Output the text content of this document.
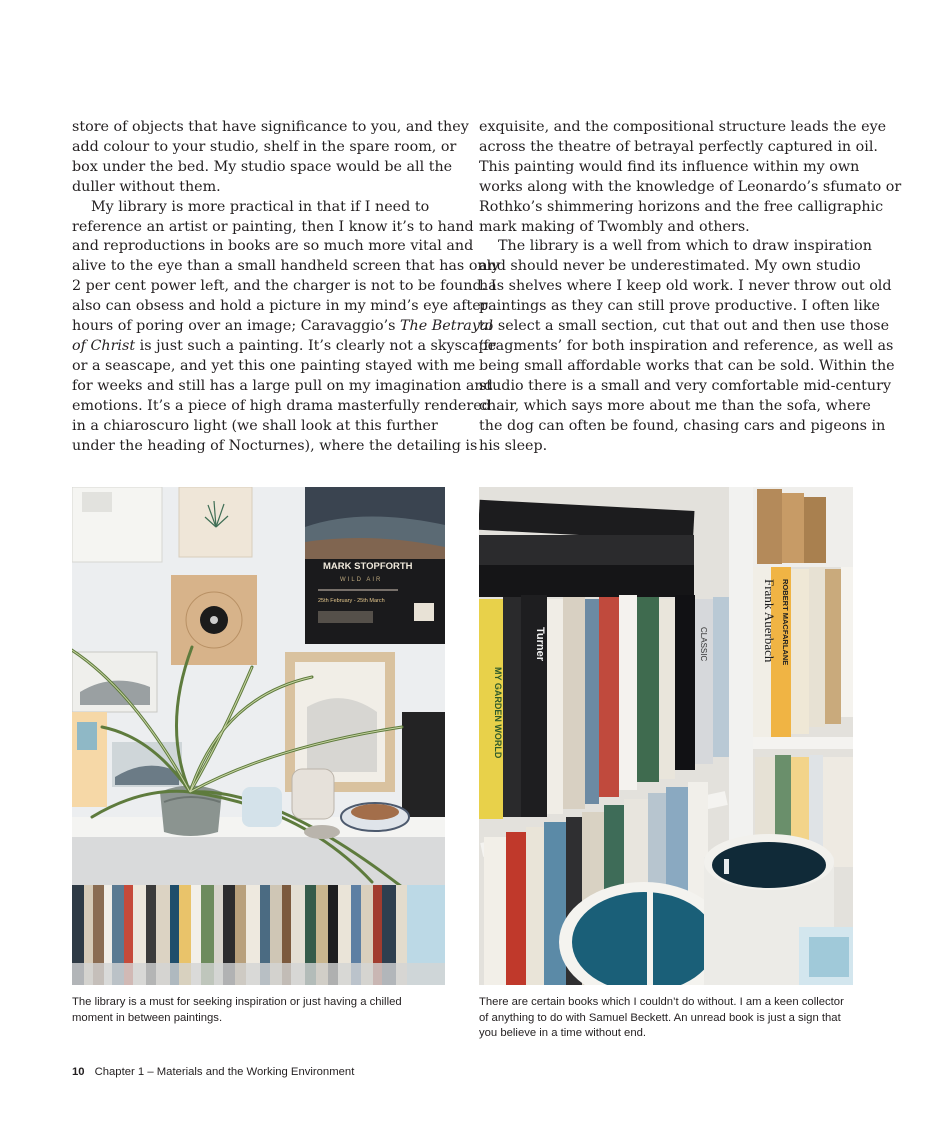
store of objects that have significance to you, and they

add colour to your studio, shelf in the spare room, or

box under the bed. My studio space would be all the

duller without them.

My library is more practical in that if I need to

reference an artist or painting, then I know it’s to hand

and reproductions in books are so much more vital and

alive to the eye than a small handheld screen that has only

2 per cent power left, and the charger is not to be found. I

also can obsess and hold a picture in my mind’s eye after

hours of poring over an image; Caravaggio’s The Betrayal

of Christ is just such a painting. It’s clearly not a skyscape

or a seascape, and yet this one painting stayed with me

for weeks and still has a large pull on my imagination and

emotions. It’s a piece of high drama masterfully rendered

in a chiaroscuro light (we shall look at this further

under the heading of Nocturnes), where the detailing is

exquisite, and the compositional structure leads the eye

across the theatre of betrayal perfectly captured in oil.

This painting would find its influence within my own

works along with the knowledge of Leonardo’s sfumato or

Rothko’s shimmering horizons and the free calligraphic

mark making of Twombly and others.

The library is a well from which to draw inspiration

and should never be underestimated. My own studio

has shelves where I keep old work. I never throw out old

paintings as they can still prove productive. I often like

to select a small section, cut that out and then use those

‘fragments’ for both inspiration and reference, as well as

being small affordable works that can be sold. Within the

studio there is a small and very comfortable mid-century

chair, which says more about me than the sofa, where

the dog can often be found, chasing cars and pigeons in

his sleep.

MARK STOPFORTH
WILD AIR
25th February - 25th March
Turner	Frank Auerbach ROBERT MACFARLANE
MY GARDEN WORLD
CLASSIC

The library is a must for seeking inspiration or just having a chilled

moment in between paintings.

There are certain books which I couldn’t do without. I am a keen collector

of anything to do with Samuel Beckett. An unread book is just a sign that

you believe in a time without end.

10 Chapter 1 – Materials and the Working Environment
